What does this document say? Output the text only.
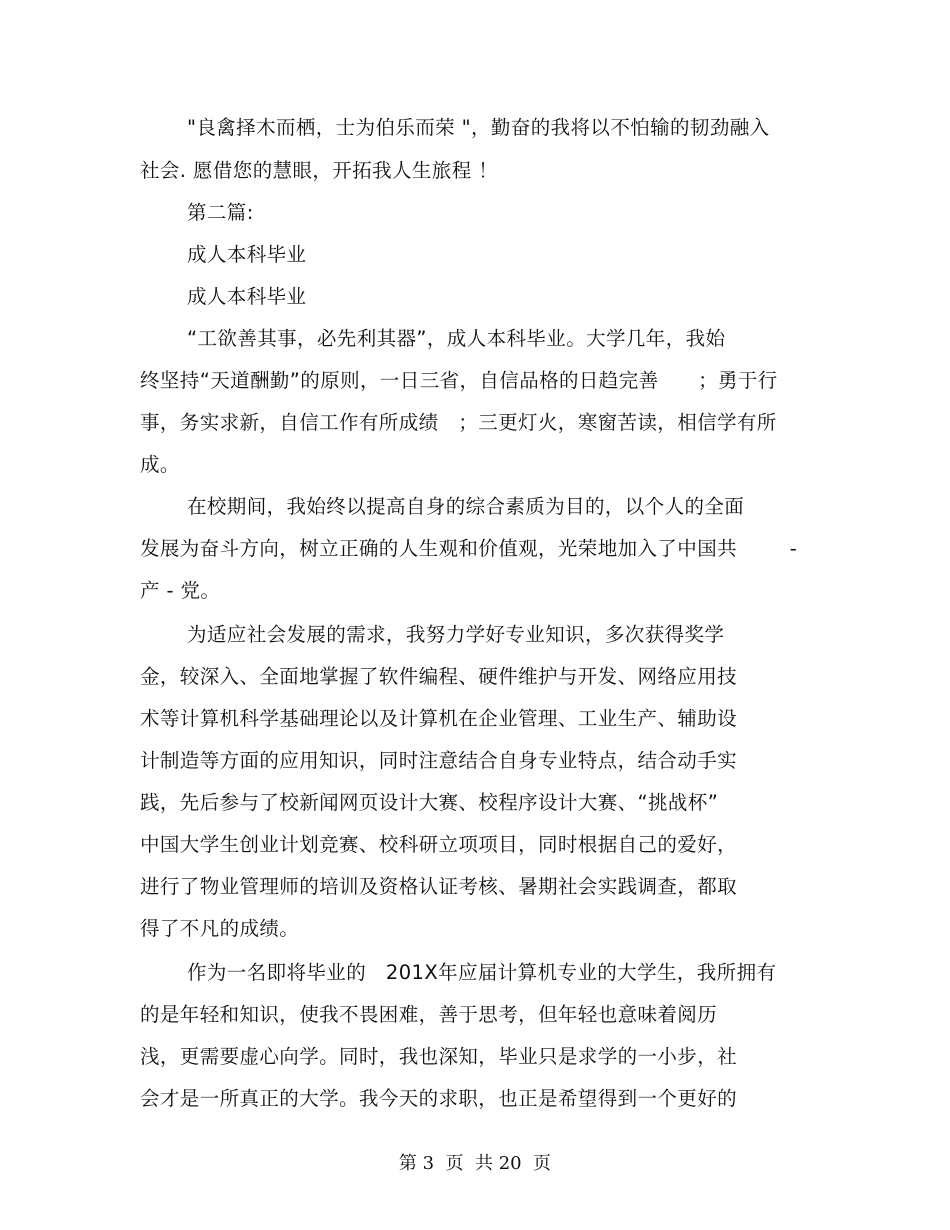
"良禽择木而栖，士为伯乐而荣 "，勤奋的我将以不怕输的韧劲融入
社会. 愿借您的慧眼，开拓我人生旅程 ！
第二篇:
成人本科毕业
成人本科毕业
“工欲善其事，必先利其器”，成人本科毕业。大学几年，我始
终坚持“天道酬勤”的原则，一日三省，自信品格的日趋完善      ；勇于行
事，务实求新，自信工作有所成绩   ；三更灯火，寒窗苦读，相信学有所
成。
在校期间，我始终以提高自身的综合素质为目的，以个人的全面
发展为奋斗方向，树立正确的人生观和价值观，光荣地加入了中国共        -
产 - 党。
为适应社会发展的需求，我努力学好专业知识，多次获得奖学
金，较深入、全面地掌握了软件编程、硬件维护与开发、网络应用技
术等计算机科学基础理论以及计算机在企业管理、工业生产、辅助设
计制造等方面的应用知识，同时注意结合自身专业特点，结合动手实
践，先后参与了校新闻网页设计大赛、校程序设计大赛、“挑战杯”
中国大学生创业计划竞赛、校科研立项项目，同时根据自己的爱好，
进行了物业管理师的培训及资格认证考核、暑期社会实践调查，都取
得了不凡的成绩。
作为一名即将毕业的   201X年应届计算机专业的大学生，我所拥有
的是年轻和知识，使我不畏困难，善于思考，但年轻也意味着阅历
浅，更需要虚心向学。同时，我也深知，毕业只是求学的一小步，社
会才是一所真正的大学。我今天的求职，也正是希望得到一个更好的
第 3  页  共 20  页
